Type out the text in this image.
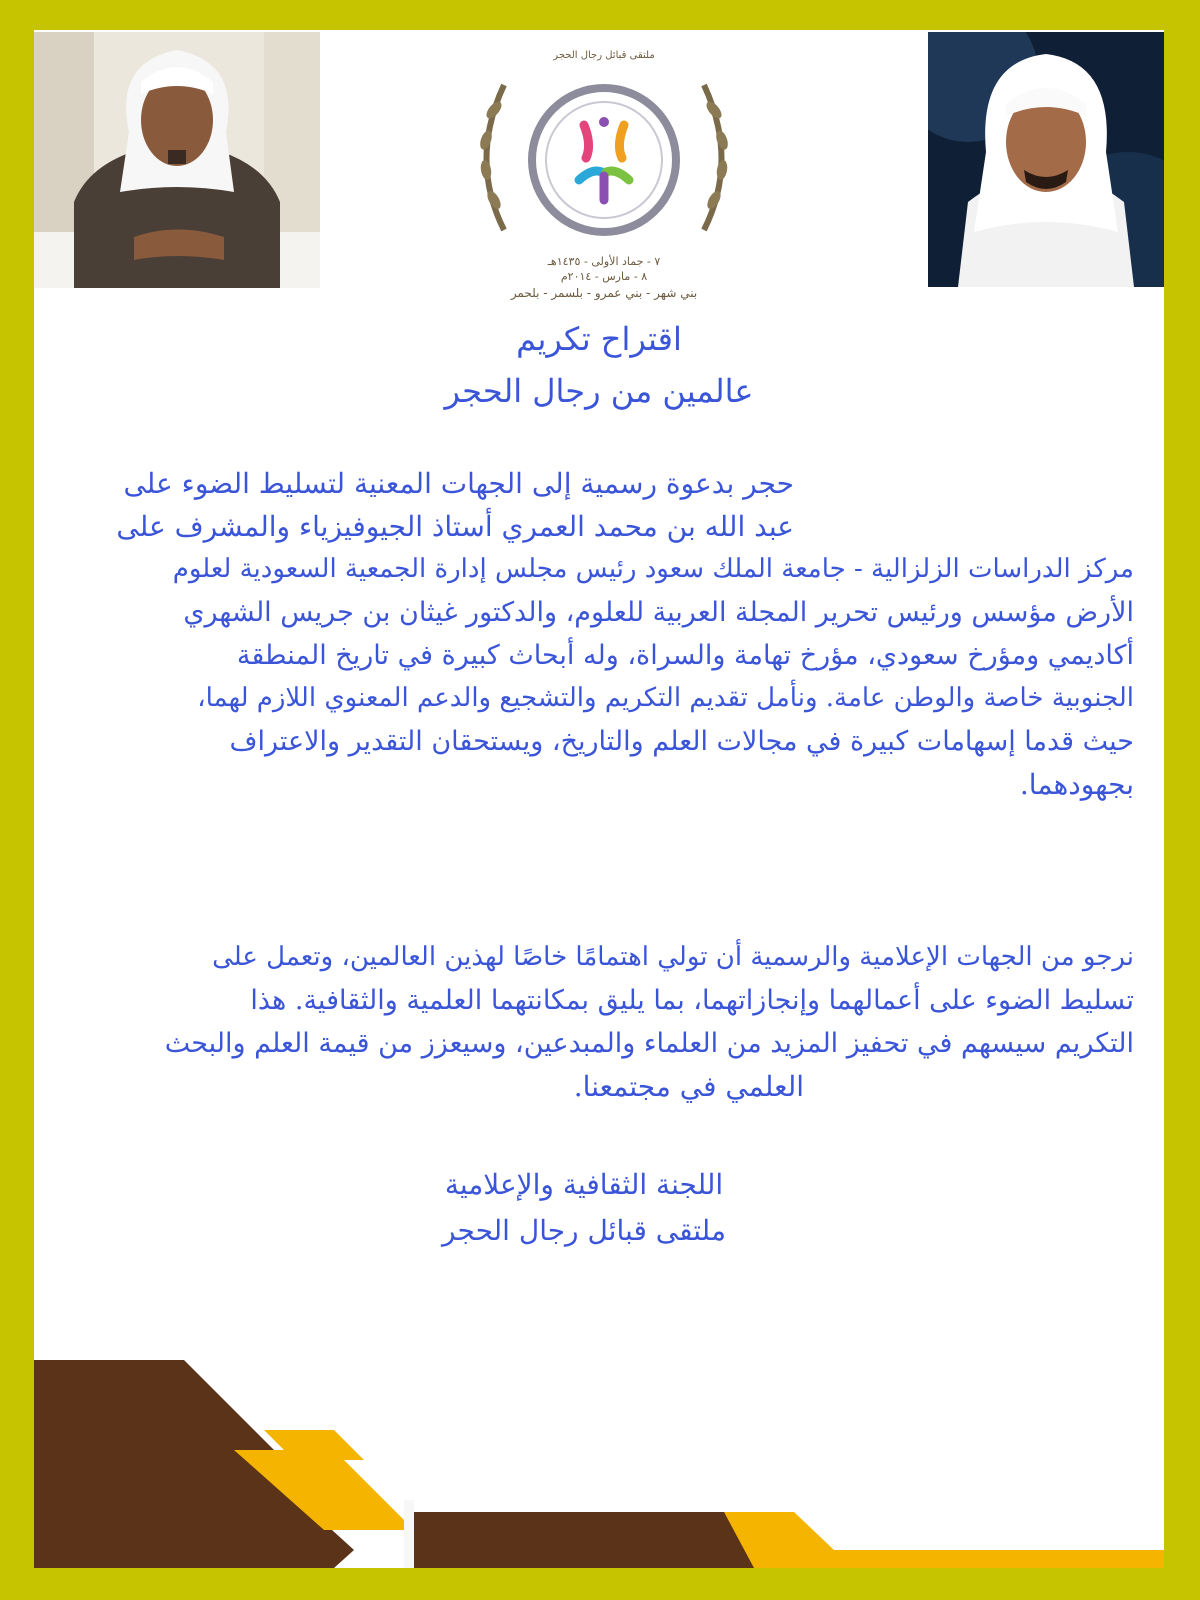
٧ - جماد الأولى - ١٤٣٥هـ

٨ - مارس - ٢٠١٤م

بني شهر - بني عمرو - بلسمر - بلحمر

ملتقى قبائل رجال الحجر

اقتراح تكريم

عالمين من رجال الحجر

حجر بدعوة رسمية إلى الجهات المعنية لتسليط الضوء على
عبد الله بن محمد العمري أستاذ الجيوفيزياء والمشرف على
مركز الدراسات الزلزالية - جامعة الملك سعود رئيس مجلس إدارة الجمعية السعودية لعلوم
الأرض مؤسس ورئيس تحرير المجلة العربية للعلوم، والدكتور غيثان بن جريس الشهري
أكاديمي ومؤرخ سعودي، مؤرخ تهامة والسراة، وله أبحاث كبيرة في تاريخ المنطقة
الجنوبية خاصة والوطن عامة. ونأمل تقديم التكريم والتشجيع والدعم المعنوي اللازم لهما،
حيث قدما إسهامات كبيرة في مجالات العلم والتاريخ، ويستحقان التقدير والاعتراف
بجهودهما.
نرجو من الجهات الإعلامية والرسمية أن تولي اهتمامًا خاصًا لهذين العالمين، وتعمل على
تسليط الضوء على أعمالهما وإنجازاتهما، بما يليق بمكانتهما العلمية والثقافية. هذا
التكريم سيسهم في تحفيز المزيد من العلماء والمبدعين، وسيعزز من قيمة العلم والبحث
العلمي في مجتمعنا.
اللجنة الثقافية والإعلامية
ملتقى قبائل رجال الحجر
